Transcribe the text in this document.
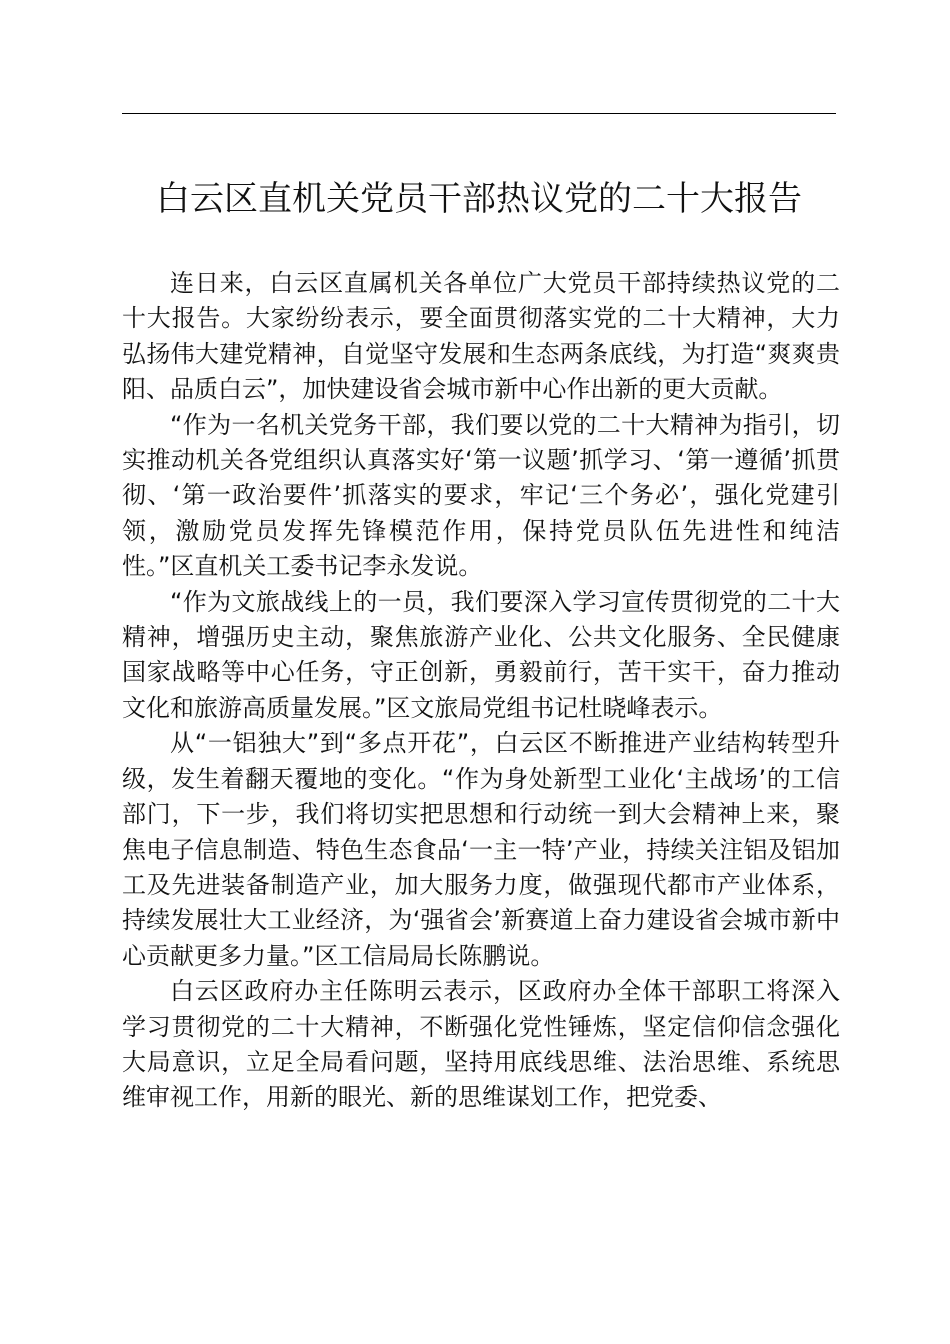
白云区直机关党员干部热议党的二十大报告

连日来，白云区直属机关各单位广大党员干部持续热议党的二十大报告。大家纷纷表示，要全面贯彻落实党的二十大精神，大力弘扬伟大建党精神，自觉坚守发展和生态两条底线，为打造“爽爽贵阳、品质白云”，加快建设省会城市新中心作出新的更大贡献。

“作为一名机关党务干部，我们要以党的二十大精神为指引，切实推动机关各党组织认真落实好‘第一议题’抓学习、‘第一遵循’抓贯彻、‘第一政治要件’抓落实的要求，牢记‘三个务必’，强化党建引领，激励党员发挥先锋模范作用，保持党员队伍先进性和纯洁性。”区直机关工委书记李永发说。

“作为文旅战线上的一员，我们要深入学习宣传贯彻党的二十大精神，增强历史主动，聚焦旅游产业化、公共文化服务、全民健康国家战略等中心任务，守正创新，勇毅前行，苦干实干，奋力推动文化和旅游高质量发展。”区文旅局党组书记杜晓峰表示。

从“一铝独大”到“多点开花”，白云区不断推进产业结构转型升级，发生着翻天覆地的变化。“作为身处新型工业化‘主战场’的工信部门，下一步，我们将切实把思想和行动统一到大会精神上来，聚焦电子信息制造、特色生态食品‘一主一特’产业，持续关注铝及铝加工及先进装备制造产业，加大服务力度，做强现代都市产业体系，持续发展壮大工业经济，为‘强省会’新赛道上奋力建设省会城市新中心贡献更多力量。”区工信局局长陈鹏说。

白云区政府办主任陈明云表示，区政府办全体干部职工将深入学习贯彻党的二十大精神，不断强化党性锤炼，坚定信仰信念强化大局意识，立足全局看问题，坚持用底线思维、法治思维、系统思维审视工作，用新的眼光、新的思维谋划工作，把党委、
